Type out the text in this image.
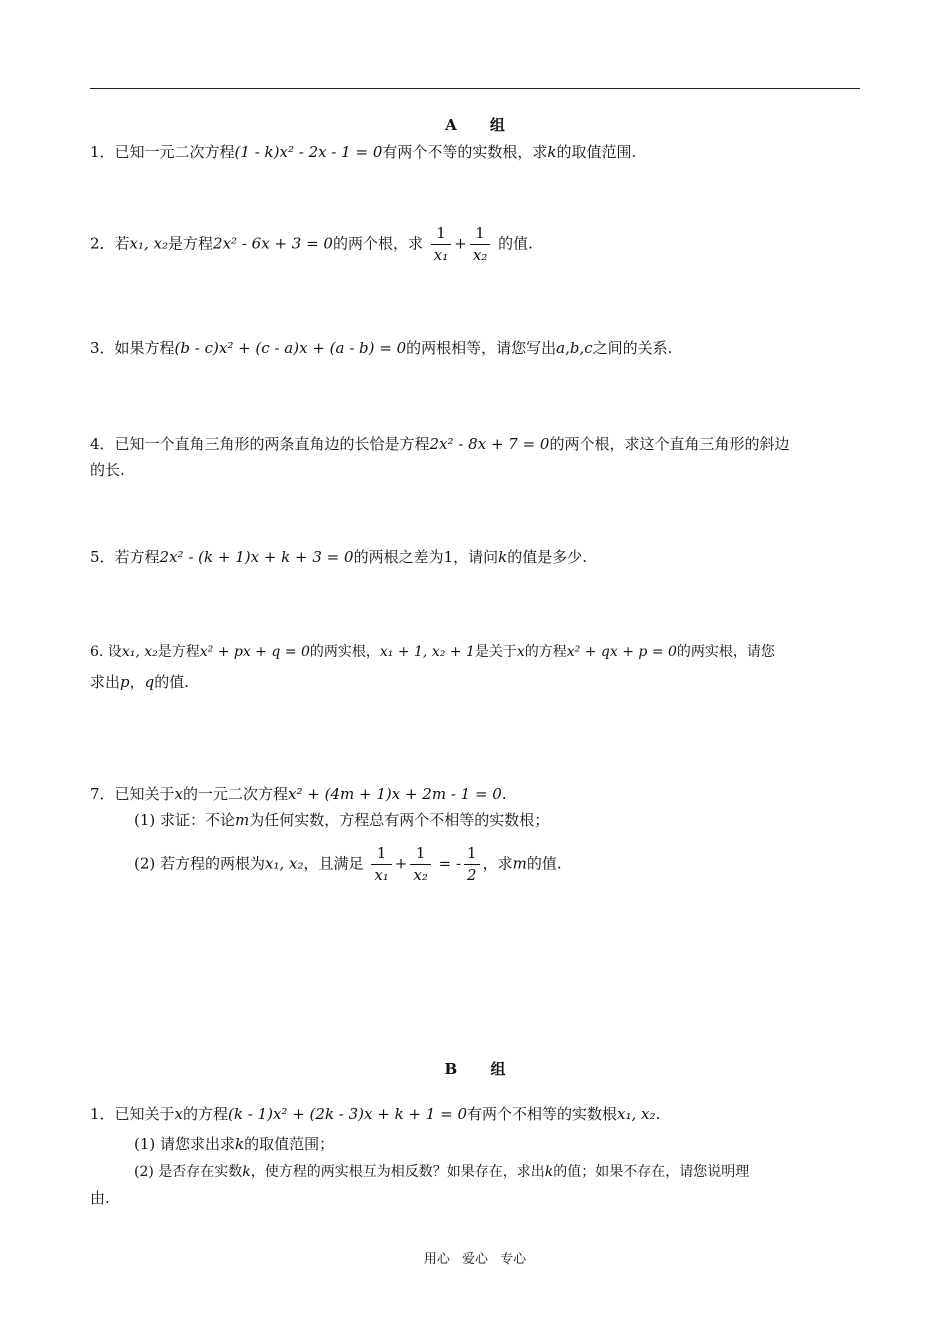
A 组
1．已知一元二次方程(1 - k)x² - 2x - 1 = 0有两个不等的实数根，求k的取值范围.
2．若x₁, x₂是方程2x² - 6x + 3 = 0的两个根，求 $\frac{1}{\text{x₁}} + \frac{1}{\text{x₂}}$ 的值.
3．如果方程(b - c)x² + (c - a)x + (a - b) = 0的两根相等，请您写出a,b,c之间的关系.
4．已知一个直角三角形的两条直角边的长恰是方程2x² - 8x + 7 = 0的两个根，求这个直角三角形的斜边
的长.
5．若方程2x² - (k + 1)x + k + 3 = 0的两根之差为1，请问k的值是多少.
6. 设x₁, x₂是方程x² + px + q = 0的两实根，x₁ + 1, x₂ + 1是关于x的方程x² + qx + p = 0的两实根，请您
求出p，q的值.
7．已知关于x的一元二次方程x² + (4m + 1)x + 2m - 1 = 0.
(1) 求证：不论m为任何实数，方程总有两个不相等的实数根；
(2) 若方程的两根为x₁, x₂，且满足 $\frac{1}{\text{x₁}} + \frac{1}{\text{x₂}}$ = - $\frac{1}{2}$ ，求m的值.
B 组
1．已知关于x的方程(k - 1)x² + (2k - 3)x + k + 1 = 0有两个不相等的实数根x₁, x₂.
(1) 请您求出求k的取值范围；
(2) 是否存在实数k，使方程的两实根互为相反数？如果存在，求出k的值；如果不存在，请您说明理
由.
用心 爱心 专心
